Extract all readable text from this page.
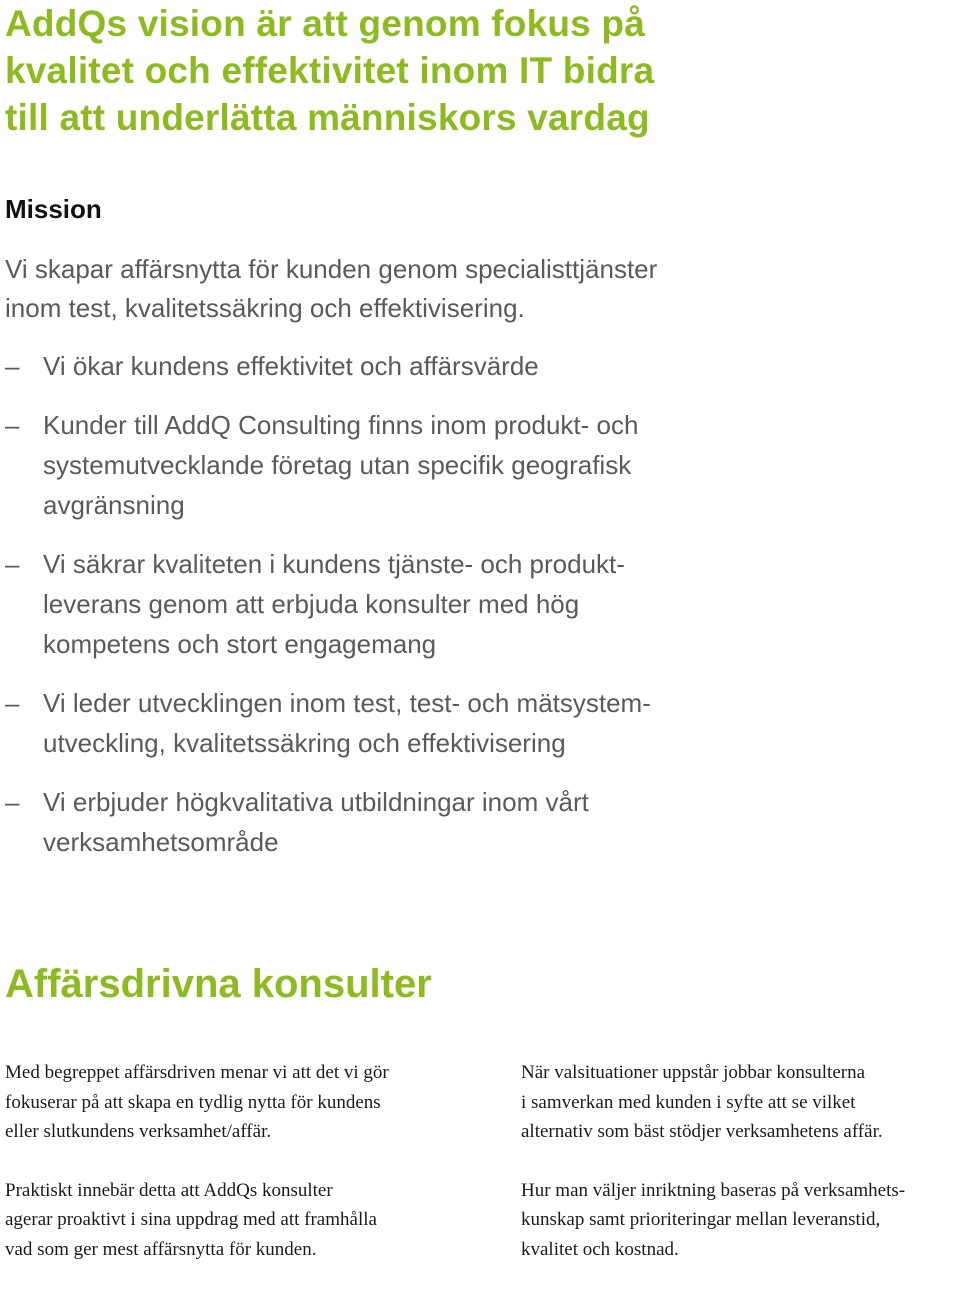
AddQs vision är att genom fokus på
kvalitet och effektivitet inom IT bidra
till att underlätta människors vardag
Mission

Vi skapar affärsnytta för kunden genom specialisttjänster
inom test, kvalitetssäkring och effektivisering.

– Vi ökar kundens effektivitet och affärsvärde
– Kunder till AddQ Consulting finns inom produkt- och
systemutvecklande företag utan specifik geografisk
avgränsning
– Vi säkrar kvaliteten i kundens tjänste- och produkt-
leverans genom att erbjuda konsulter med hög
kompetens och stort engagemang
– Vi leder utvecklingen inom test, test- och mätsystem-
utveckling, kvalitetssäkring och effektivisering
– Vi erbjuder högkvalitativa utbildningar inom vårt
verksamhetsområde
Affärsdrivna konsulter

Med begreppet affärsdriven menar vi att det vi gör
fokuserar på att skapa en tydlig nytta för kundens
eller slutkundens verksamhet/affär.

Praktiskt innebär detta att AddQs konsulter
agerar proaktivt i sina uppdrag med att framhålla
vad som ger mest affärsnytta för kunden.

När valsituationer uppstår jobbar konsulterna
i samverkan med kunden i syfte att se vilket
alternativ som bäst stödjer verksamhetens affär.

Hur man väljer inriktning baseras på verksamhets-
kunskap samt prioriteringar mellan leveranstid,
kvalitet och kostnad.
